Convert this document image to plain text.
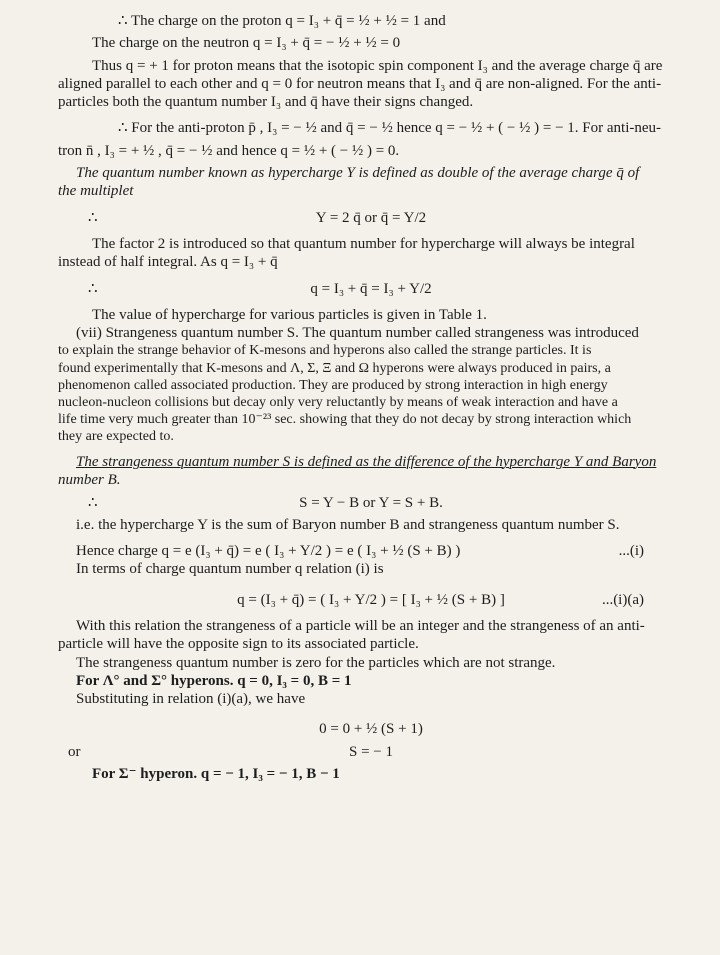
∴ The charge on the proton q = I₃ + q̄ = ½ + ½ = 1 and

The charge on the neutron q = I₃ + q̄ = − ½ + ½ = 0

Thus q = + 1 for proton means that the isotopic spin component I₃ and the average charge q̄ are

aligned parallel to each other and q = 0 for neutron means that I₃ and q̄ are non-aligned. For the anti-

particles both the quantum number I₃ and q̄ have their signs changed.

∴ For the anti-proton p̄ , I₃ = − ½ and q̄ = − ½ hence q = − ½ + ( − ½ ) = − 1. For anti-neu-

tron n̄ , I₃ = + ½ , q̄ = − ½ and hence q = ½ + ( − ½ ) = 0.

The quantum number known as hypercharge Y is defined as double of the average charge q̄ of

the multiplet

∴	Y = 2 q̄ or q̄ = Y/2

The factor 2 is introduced so that quantum number for hypercharge will always be integral

instead of half integral. As q = I₃ + q̄

∴	q = I₃ + q̄ = I₃ + Y/2

The value of hypercharge for various particles is given in Table 1.

(vii) Strangeness quantum number S. The quantum number called strangeness was introduced

to explain the strange behavior of K-mesons and hyperons also called the strange particles. It is

found experimentally that K-mesons and Λ, Σ, Ξ and Ω hyperons were always produced in pairs, a

phenomenon called associated production. They are produced by strong interaction in high energy

nucleon-nucleon collisions but decay only very reluctantly by means of weak interaction and have a

life time very much greater than 10⁻²³ sec. showing that they do not decay by strong interaction which

they are expected to.

The strangeness quantum number S is defined as the difference of the hypercharge Y and Baryon

number B.

∴	S = Y − B or Y = S + B.

i.e. the hypercharge Y is the sum of Baryon number B and strangeness quantum number S.

Hence charge q = e (I₃ + q̄) = e ( I₃ + Y/2 ) = e ( I₃ + ½ (S + B) )	...(i)

In terms of charge quantum number q relation (i) is

q = (I₃ + q̄) = ( I₃ + Y/2 ) = [ I₃ + ½ (S + B) ]	...(i)(a)

With this relation the strangeness of a particle will be an integer and the strangeness of an anti-

particle will have the opposite sign to its associated particle.

The strangeness quantum number is zero for the particles which are not strange.

For Λ° and Σ° hyperons. q = 0, I₃ = 0, B = 1

Substituting in relation (i)(a), we have

0 = 0 + ½ (S + 1)

or	S = − 1

For Σ⁻ hyperon. q = − 1, I₃ = − 1, B − 1
